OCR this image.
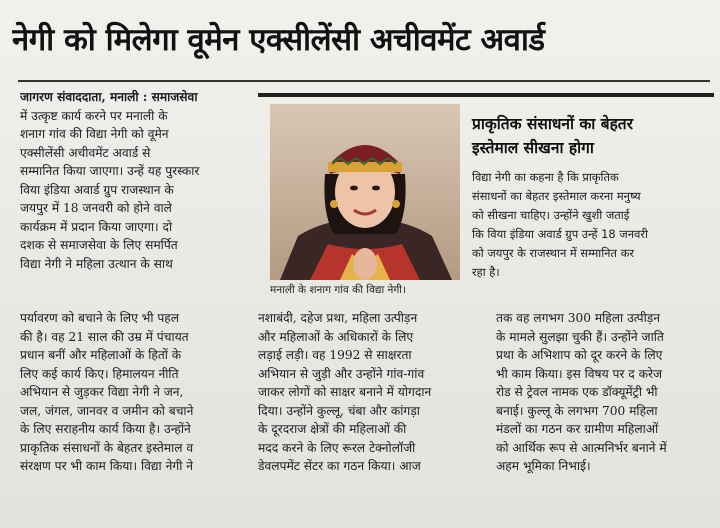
नेगी को मिलेगा वूमेन एक्सीलेंसी अचीवमेंट अवार्ड
जागरण संवाददाता, मनाली : समाजसेवा
में उत्कृष्ट कार्य करने पर मनाली के
शनाग गांव की विद्या नेगी को वूमेन
एक्सीलेंसी अचीवमेंट अवार्ड से
सम्मानित किया जाएगा। उन्हें यह पुरस्कार
विया इंडिया अवार्ड ग्रुप राजस्थान के
जयपुर में 18 जनवरी को होने वाले
कार्यक्रम में प्रदान किया जाएगा। दो
दशक से समाजसेवा के लिए समर्पित
विद्या नेगी ने महिला उत्थान के साथ
पर्यावरण को बचाने के लिए भी पहल
की है। वह 21 साल की उम्र में पंचायत
प्रधान बनीं और महिलाओं के हितों के
लिए कई कार्य किए। हिमालयन नीति
अभियान से जुड़कर विद्या नेगी ने जन,
जल, जंगल, जानवर व जमीन को बचाने
के लिए सराहनीय कार्य किया है। उन्होंने
प्राकृतिक संसाधनों के बेहतर इस्तेमाल व
संरक्षण पर भी काम किया। विद्या नेगी ने
नशाबंदी, दहेज प्रथा, महिला उत्पीड़न
और महिलाओं के अधिकारों के लिए
लड़ाई लड़ी। वह 1992 से साक्षरता
अभियान से जुड़ी और उन्होंने गांव-गांव
जाकर लोगों को साक्षर बनाने में योगदान
दिया। उन्होंने कुल्लू, चंबा और कांगड़ा
के दूरदराज क्षेत्रों की महिलाओं की
मदद करने के लिए रूरल टेक्नोलॉजी
डेवलपमेंट सेंटर का गठन किया। आज
तक वह लगभग 300 महिला उत्पीड़न
के मामले सुलझा चुकी हैं। उन्होंने जाति
प्रथा के अभिशाप को दूर करने के लिए
भी काम किया। इस विषय पर द करेज
रोड से ट्रेवल नामक एक डॉक्यूमेंट्री भी
बनाई। कुल्लू के लगभग 700 महिला
मंडलों का गठन कर ग्रामीण महिलाओं
को आर्थिक रूप से आत्मनिर्भर बनाने में
अहम भूमिका निभाई।
मनाली के शनाग गांव की विद्या नेगी।
प्राकृतिक संसाधनों का बेहतर
इस्तेमाल सीखना होगा
विद्या नेगी का कहना है कि प्राकृतिक
संसाधनों का बेहतर इस्तेमाल करना मनुष्य
को सीखना चाहिए। उन्होंने खुशी जताई
कि विया इंडिया अवार्ड ग्रुप उन्हें 18 जनवरी
को जयपुर के राजस्थान में सम्मानित कर
रहा है।
